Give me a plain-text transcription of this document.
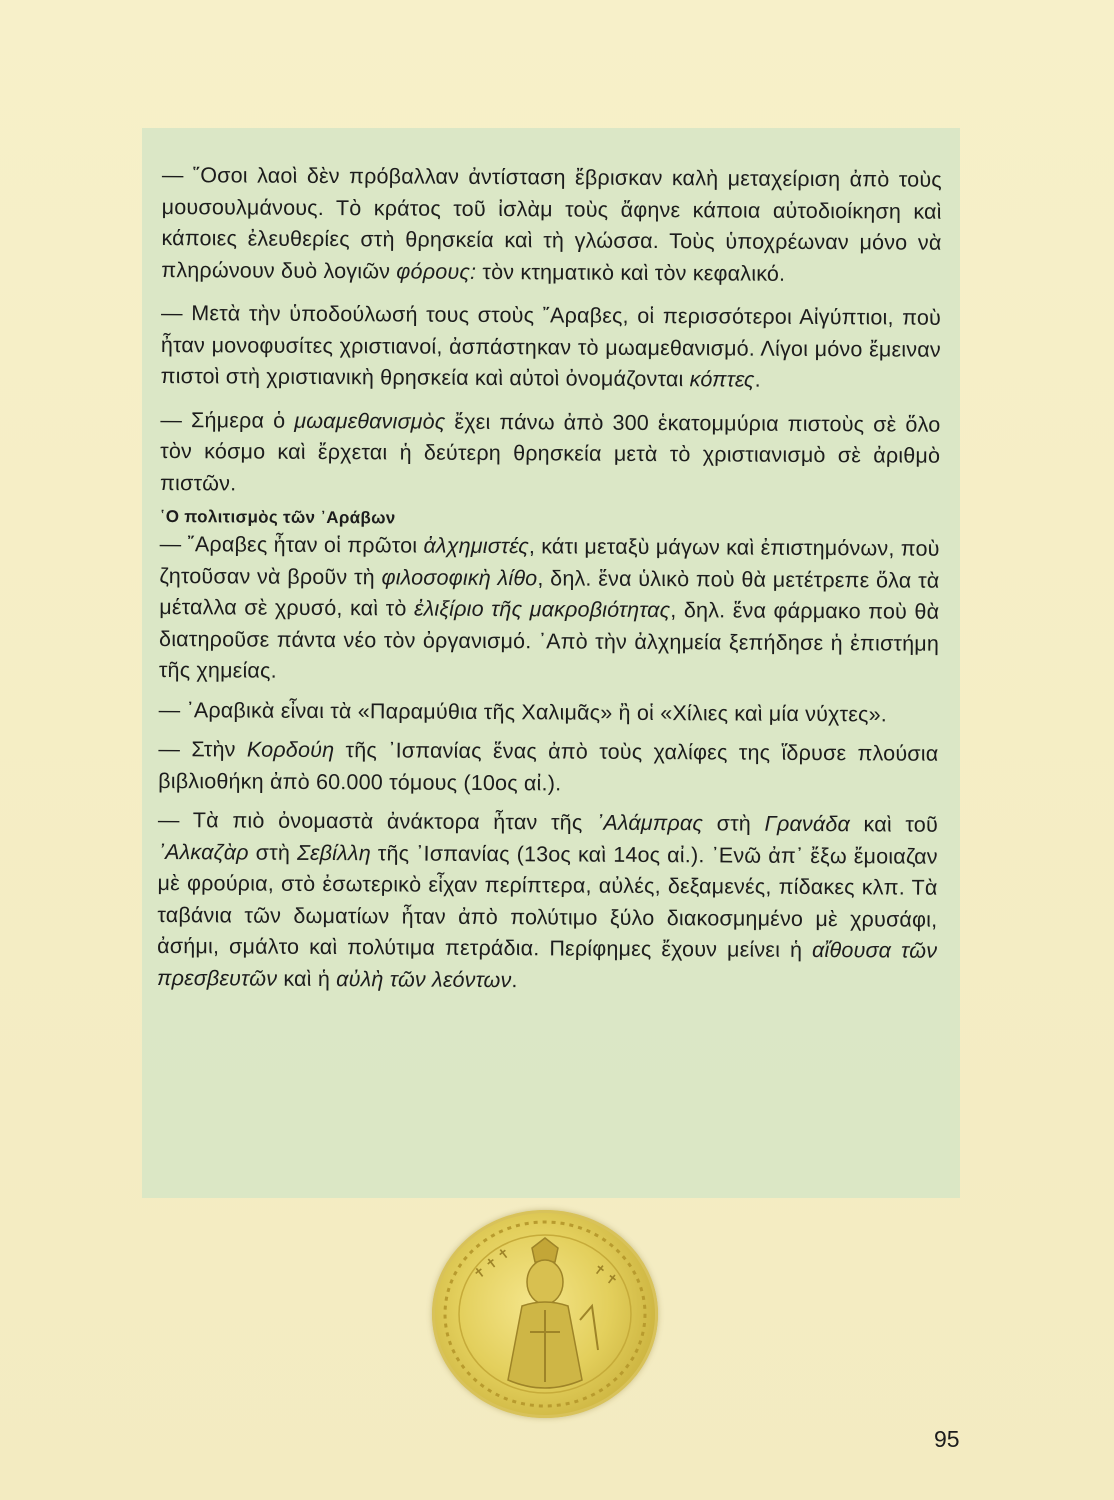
— ῞Οσοι λαοὶ δὲν πρόβαλλαν ἀντίσταση ἔβρισκαν καλὴ μεταχείριση ἀπὸ τοὺς μουσουλμάνους. Τὸ κράτος τοῦ ἰσλὰμ τοὺς ἄφηνε κάποια αὐτοδιοίκηση καὶ κάποιες ἐλευθερίες στὴ θρησκεία καὶ τὴ γλώσσα. Τοὺς ὑποχρέωναν μόνο νὰ πληρώνουν δυὸ λογιῶν φόρους: τὸν κτηματικὸ καὶ τὸν κεφαλικό.

— Μετὰ τὴν ὑποδούλωσή τους στοὺς ῎Αραβες, οἱ περισσότεροι Αἰγύπτιοι, ποὺ ἦταν μονοφυσίτες χριστιανοί, ἀσπάστηκαν τὸ μωαμεθανισμό. Λίγοι μόνο ἔμειναν πιστοὶ στὴ χριστιανικὴ θρησκεία καὶ αὐτοὶ ὀνομάζονται κόπτες.

— Σήμερα ὁ μωαμεθανισμὸς ἔχει πάνω ἀπὸ 300 ἑκατομμύρια πιστοὺς σὲ ὅλο τὸν κόσμο καὶ ἔρχεται ἡ δεύτερη θρησκεία μετὰ τὸ χριστιανισμὸ σὲ ἀριθμὸ πιστῶν.

῾Ο πολιτισμὸς τῶν ᾿Αράβων

— ῎Αραβες ἦταν οἱ πρῶτοι ἀλχημιστές, κάτι μεταξὺ μάγων καὶ ἐπιστημόνων, ποὺ ζητοῦσαν νὰ βροῦν τὴ φιλοσοφικὴ λίθο, δηλ. ἕνα ὑλικὸ ποὺ θὰ μετέτρεπε ὅλα τὰ μέταλλα σὲ χρυσό, καὶ τὸ ἐλιξίριο τῆς μακροβιότητας, δηλ. ἕνα φάρμακο ποὺ θὰ διατηροῦσε πάντα νέο τὸν ὀργανισμό. ᾿Απὸ τὴν ἀλχημεία ξεπήδησε ἡ ἐπιστήμη τῆς χημείας.

— ᾿Αραβικὰ εἶναι τὰ «Παραμύθια τῆς Χαλιμᾶς» ἢ οἱ «Χίλιες καὶ μία νύχτες».

— Στὴν Κορδούη τῆς ᾿Ισπανίας ἕνας ἀπὸ τοὺς χαλίφες της ἵδρυσε πλούσια βιβλιοθήκη ἀπὸ 60.000 τόμους (10ος αἰ.).

— Τὰ πιὸ ὀνομαστὰ ἀνάκτορα ἦταν τῆς ᾿Αλάμπρας στὴ Γρανάδα καὶ τοῦ ᾿Αλκαζὰρ στὴ Σεβίλλη τῆς ᾿Ισπανίας (13ος καὶ 14ος αἰ.). ᾿Ενῶ ἀπ᾿ ἔξω ἔμοιαζαν μὲ φρούρια, στὸ ἐσωτερικὸ εἶχαν περίπτερα, αὐλές, δεξαμενές, πίδακες κλπ. Τὰ ταβάνια τῶν δωματίων ἦταν ἀπὸ πολύτιμο ξύλο διακοσμημένο μὲ χρυσάφι, ἀσήμι, σμάλτο καὶ πολύτιμα πετράδια. Περίφημες ἔχουν μείνει ἡ αἴθουσα τῶν πρεσβευτῶν καὶ ἡ αὐλὴ τῶν λεόντων.

✝ ✝ ✝	✝ ✝
95
